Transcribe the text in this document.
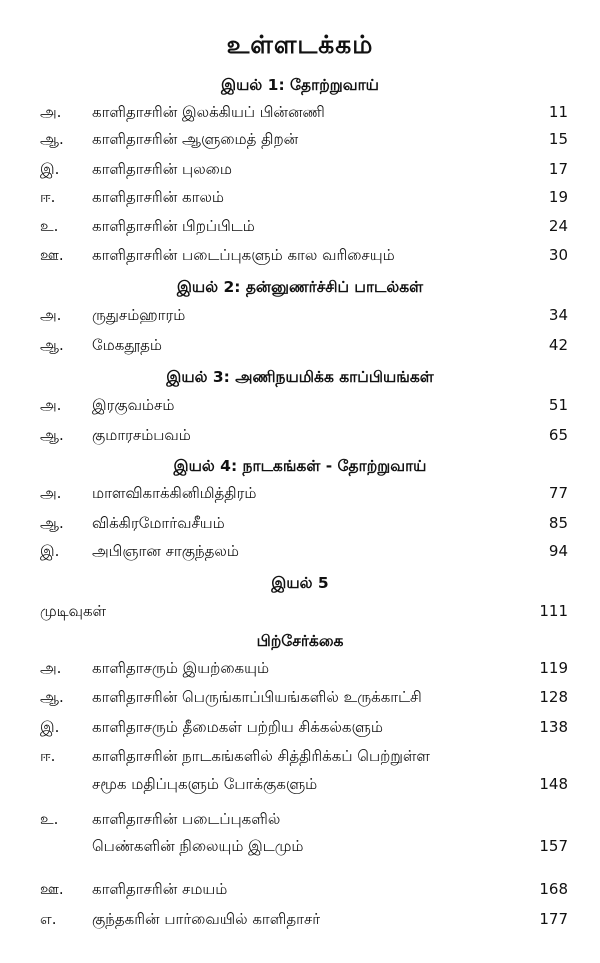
உள்ளடக்கம்
இயல் 1: தோற்றுவாய்
அ.	காளிதாசரின் இலக்கியப் பின்னணி	11
ஆ.	காளிதாசரின் ஆளுமைத் திறன்	15
இ.	காளிதாசரின் புலமை	17
ஈ.	காளிதாசரின் காலம்	19
உ.	காளிதாசரின் பிறப்பிடம்	24
ஊ.	காளிதாசரின் படைப்புகளும் கால வரிசையும்	30
இயல் 2: தன்னுணர்ச்சிப் பாடல்கள்
அ.	ருதுசம்ஹாரம்	34
ஆ.	மேகதூதம்	42
இயல் 3: அணிநயமிக்க காப்பியங்கள்
அ.	இரகுவம்சம்	51
ஆ.	குமாரசம்பவம்	65
இயல் 4: நாடகங்கள் - தோற்றுவாய்
அ.	மாளவிகாக்கினிமித்திரம்	77
ஆ.	விக்கிரமோர்வசீயம்	85
இ.	அபிஞான சாகுந்தலம்	94
இயல் 5
முடிவுகள்	111
பிற்சேர்க்கை
அ.	காளிதாசரும் இயற்கையும்	119
ஆ.	காளிதாசரின் பெருங்காப்பியங்களில் உருக்காட்சி	128
இ.	காளிதாசரும் தீமைகள் பற்றிய சிக்கல்களும்	138
ஈ.	காளிதாசரின் நாடகங்களில் சித்திரிக்கப் பெற்றுள்ள
சமூக மதிப்புகளும் போக்குகளும்	148
உ.	காளிதாசரின் படைப்புகளில்
பெண்களின் நிலையும் இடமும்	157
ஊ.	காளிதாசரின் சமயம்	168
எ.	குந்தகரின் பார்வையில் காளிதாசர்	177
